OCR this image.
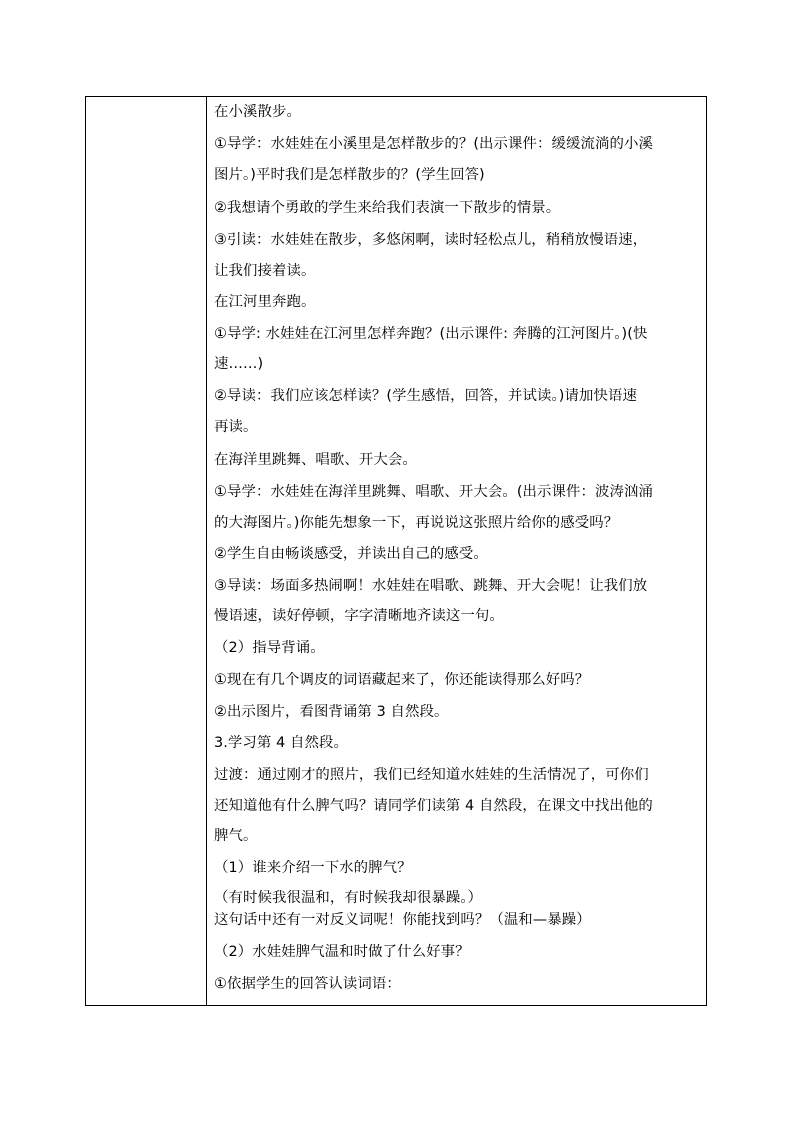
在小溪散步。
①导学：水娃娃在小溪里是怎样散步的？(出示课件：缓缓流淌的小溪
图片。)平时我们是怎样散步的？(学生回答)
②我想请个勇敢的学生来给我们表演一下散步的情景。
③引读：水娃娃在散步，多悠闲啊，读时轻松点儿，稍稍放慢语速，
让我们接着读。
在江河里奔跑。
①导学: 水娃娃在江河里怎样奔跑？(出示课件: 奔腾的江河图片。)(快
速……)
②导读：我们应该怎样读？(学生感悟，回答，并试读。)请加快语速
再读。
在海洋里跳舞、唱歌、开大会。
①导学：水娃娃在海洋里跳舞、唱歌、开大会。(出示课件：波涛汹涌
的大海图片。)你能先想象一下，再说说这张照片给你的感受吗？
②学生自由畅谈感受，并读出自己的感受。
③导读：场面多热闹啊！水娃娃在唱歌、跳舞、开大会呢！让我们放
慢语速，读好停顿，字字清晰地齐读这一句。
（2）指导背诵。
①现在有几个调皮的词语藏起来了，你还能读得那么好吗？
②出示图片，看图背诵第 3 自然段。
3.学习第 4 自然段。
过渡：通过刚才的照片，我们已经知道水娃娃的生活情况了，可你们
还知道他有什么脾气吗？请同学们读第 4 自然段，在课文中找出他的
脾气。
（1）谁来介绍一下水的脾气？
（有时候我很温和，有时候我却很暴躁。）
这句话中还有一对反义词呢！你能找到吗？（温和—暴躁）
（2）水娃娃脾气温和时做了什么好事？
①依据学生的回答认读词语：
